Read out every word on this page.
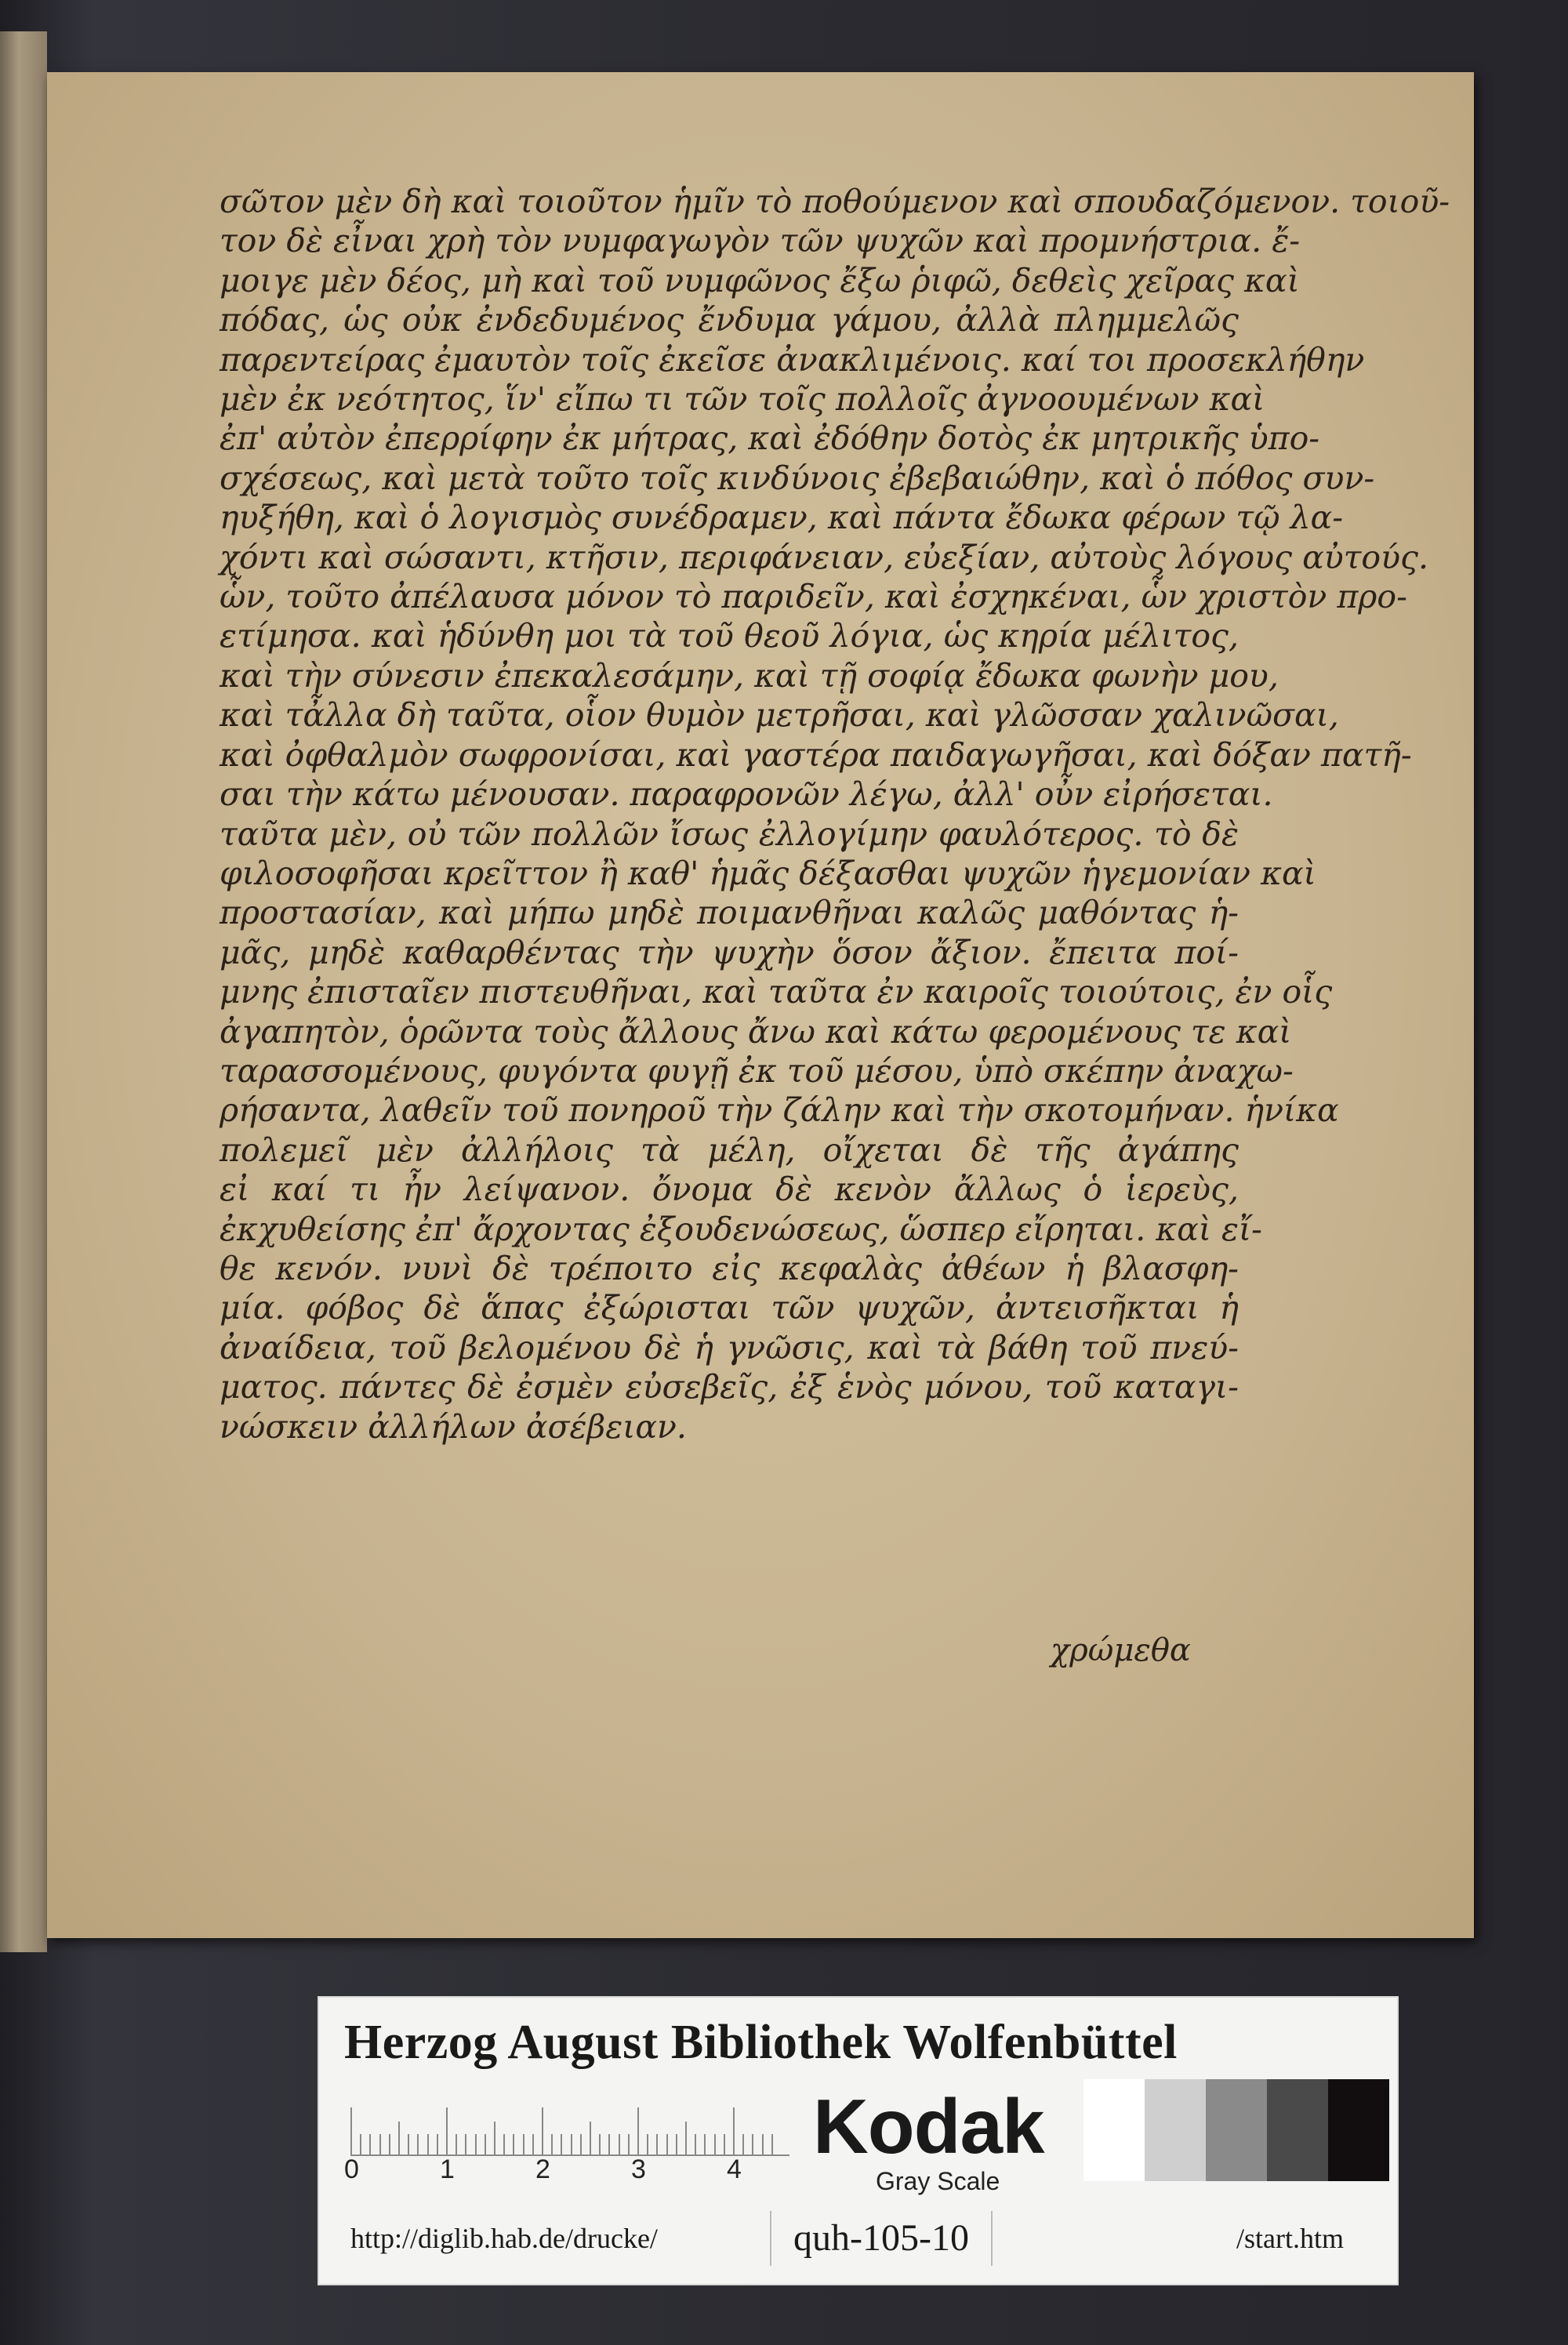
σῶτον μὲν δὴ καὶ τοιοῦτον ἡμῖν τὸ ποθούμενον καὶ σπουδαζόμενον. τοιοῦ-
τον δὲ εἶναι χρὴ τὸν νυμφαγωγὸν τῶν ψυχῶν καὶ προμνήστρια. ἔ-
μοιγε μὲν δέος, μὴ καὶ τοῦ νυμφῶνος ἔξω ῥιφῶ, δεθεὶς χεῖρας καὶ
πόδας, ὡς οὐκ ἐνδεδυμένος ἔνδυμα γάμου, ἀλλὰ πλημμελῶς
παρεντείρας ἐμαυτὸν τοῖς ἐκεῖσε ἀνακλιμένοις. καί τοι προσεκλήθην
μὲν ἐκ νεότητος, ἵν' εἴπω τι τῶν τοῖς πολλοῖς ἀγνοουμένων καὶ
ἐπ' αὐτὸν ἐπερρίφην ἐκ μήτρας, καὶ ἐδόθην δοτὸς ἐκ μητρικῆς ὑπο-
σχέσεως, καὶ μετὰ τοῦτο τοῖς κινδύνοις ἐβεβαιώθην, καὶ ὁ πόθος συν-
ηυξήθη, καὶ ὁ λογισμὸς συνέδραμεν, καὶ πάντα ἔδωκα φέρων τῷ λα-
χόντι καὶ σώσαντι, κτῆσιν, περιφάνειαν, εὐεξίαν, αὐτοὺς λόγους αὐτούς.
ὧν, τοῦτο ἀπέλαυσα μόνον τὸ παριδεῖν, καὶ ἐσχηκέναι, ὧν χριστὸν προ-
ετίμησα. καὶ ἡδύνθη μοι τὰ τοῦ θεοῦ λόγια, ὡς κηρία μέλιτος,
καὶ τὴν σύνεσιν ἐπεκαλεσάμην, καὶ τῇ σοφίᾳ ἔδωκα φωνὴν μου,
καὶ τἆλλα δὴ ταῦτα, οἷον θυμὸν μετρῆσαι, καὶ γλῶσσαν χαλινῶσαι,
καὶ ὀφθαλμὸν σωφρονίσαι, καὶ γαστέρα παιδαγωγῆσαι, καὶ δόξαν πατῆ-
σαι τὴν κάτω μένουσαν. παραφρονῶν λέγω, ἀλλ' οὖν εἰρήσεται.
ταῦτα μὲν, οὐ τῶν πολλῶν ἴσως ἐλλογίμην φαυλότερος. τὸ δὲ
φιλοσοφῆσαι κρεῖττον ἢ καθ' ἡμᾶς δέξασθαι ψυχῶν ἡγεμονίαν καὶ
προστασίαν, καὶ μήπω μηδὲ ποιμανθῆναι καλῶς μαθόντας ἡ-
μᾶς, μηδὲ καθαρθέντας τὴν ψυχὴν ὅσον ἄξιον. ἔπειτα ποί-
μνης ἐπισταῖεν πιστευθῆναι, καὶ ταῦτα ἐν καιροῖς τοιούτοις, ἐν οἷς
ἀγαπητὸν, ὁρῶντα τοὺς ἄλλους ἄνω καὶ κάτω φερομένους τε καὶ
ταρασσομένους, φυγόντα φυγῇ ἐκ τοῦ μέσου, ὑπὸ σκέπην ἀναχω-
ρήσαντα, λαθεῖν τοῦ πονηροῦ τὴν ζάλην καὶ τὴν σκοτομήναν. ἡνίκα
πολεμεῖ μὲν ἀλλήλοις τὰ μέλη, οἴχεται δὲ τῆς ἀγάπης
εἰ καί τι ἦν λείψανον. ὄνομα δὲ κενὸν ἄλλως ὁ ἱερεὺς,
ἐκχυθείσης ἐπ' ἄρχοντας ἐξουδενώσεως, ὥσπερ εἴρηται. καὶ εἴ-
θε κενόν. νυνὶ δὲ τρέποιτο εἰς κεφαλὰς ἀθέων ἡ βλασφη-
μία. φόβος δὲ ἅπας ἐξώρισται τῶν ψυχῶν, ἀντεισῆκται ἡ
ἀναίδεια, τοῦ βελομένου δὲ ἡ γνῶσις, καὶ τὰ βάθη τοῦ πνεύ-
ματος. πάντες δὲ ἐσμὲν εὐσεβεῖς, ἐξ ἑνὸς μόνου, τοῦ καταγι-
νώσκειν ἀλλήλων ἀσέβειαν.
χρώμεθα
Herzog August Bibliothek Wolfenbüttel
0	1	2	3	4 Kodak
Gray Scale
http://diglib.hab.de/drucke/	quh-105-10	/start.htm
